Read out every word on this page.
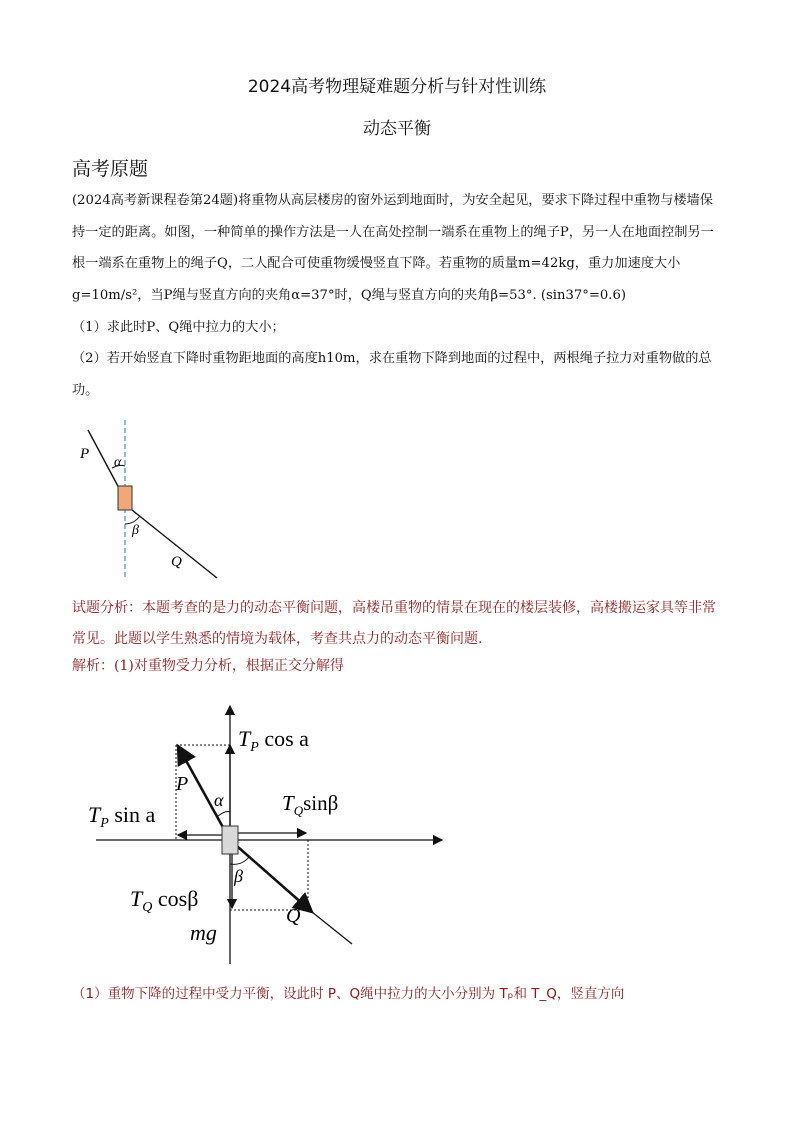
2024高考物理疑难题分析与针对性训练
动态平衡
高考原题
(2024高考新课程卷第24题)将重物从高层楼房的窗外运到地面时，为安全起见，要求下降过程中重物与楼墙保持一定的距离。如图，一种简单的操作方法是一人在高处控制一端系在重物上的绳子P，另一人在地面控制另一根一端系在重物上的绳子Q，二人配合可使重物缓慢竖直下降。若重物的质量m=42kg，重力加速度大小g=10m/s²，当P绳与竖直方向的夹角α=37°时，Q绳与竖直方向的夹角β=53°. (sin37°=0.6)
（1）求此时P、Q绳中拉力的大小；
（2）若开始竖直下降时重物距地面的高度h10m，求在重物下降到地面的过程中，两根绳子拉力对重物做的总功。
P
α
β
Q
试题分析：本题考查的是力的动态平衡问题，高楼吊重物的情景在现在的楼层装修，高楼搬运家具等非常常见。此题以学生熟悉的情境为载体，考查共点力的动态平衡问题.
解析：(1)对重物受力分析，根据正交分解得
$T_P$ cos a
$T_P$ sin a	$T_Q\sin\beta$
$T_Q$ cosβ
mg
P
α
β
Q
（1）重物下降的过程中受力平衡，设此时 P、Q绳中拉力的大小分别为 Tₚ和 T_Q，竖直方向
